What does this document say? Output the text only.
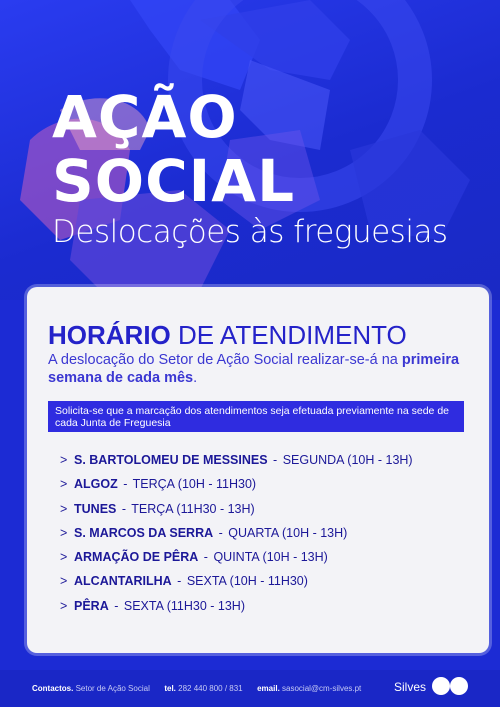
AÇÃO
SOCIAL
Deslocações às freguesias
HORÁRIO DE ATENDIMENTO
A deslocação do Setor de Ação Social realizar-se-á na primeira semana de cada mês.
Solicita-se que a marcação dos atendimentos seja efetuada previamente na sede de cada Junta de Freguesia
> S. BARTOLOMEU DE MESSINES - SEGUNDA (10H - 13H)
> ALGOZ - TERÇA (10H - 11H30)
> TUNES - TERÇA (11H30 - 13H)
> S. MARCOS DA SERRA - QUARTA (10H - 13H)
> ARMAÇÃO DE PÊRA - QUINTA (10H - 13H)
> ALCANTARILHA - SEXTA (10H - 11H30)
> PÊRA - SEXTA (11H30 - 13H)
Contactos. Setor de Ação Social tel. 282 440 800 / 831 email. sasocial@cm-silves.pt	Silves
